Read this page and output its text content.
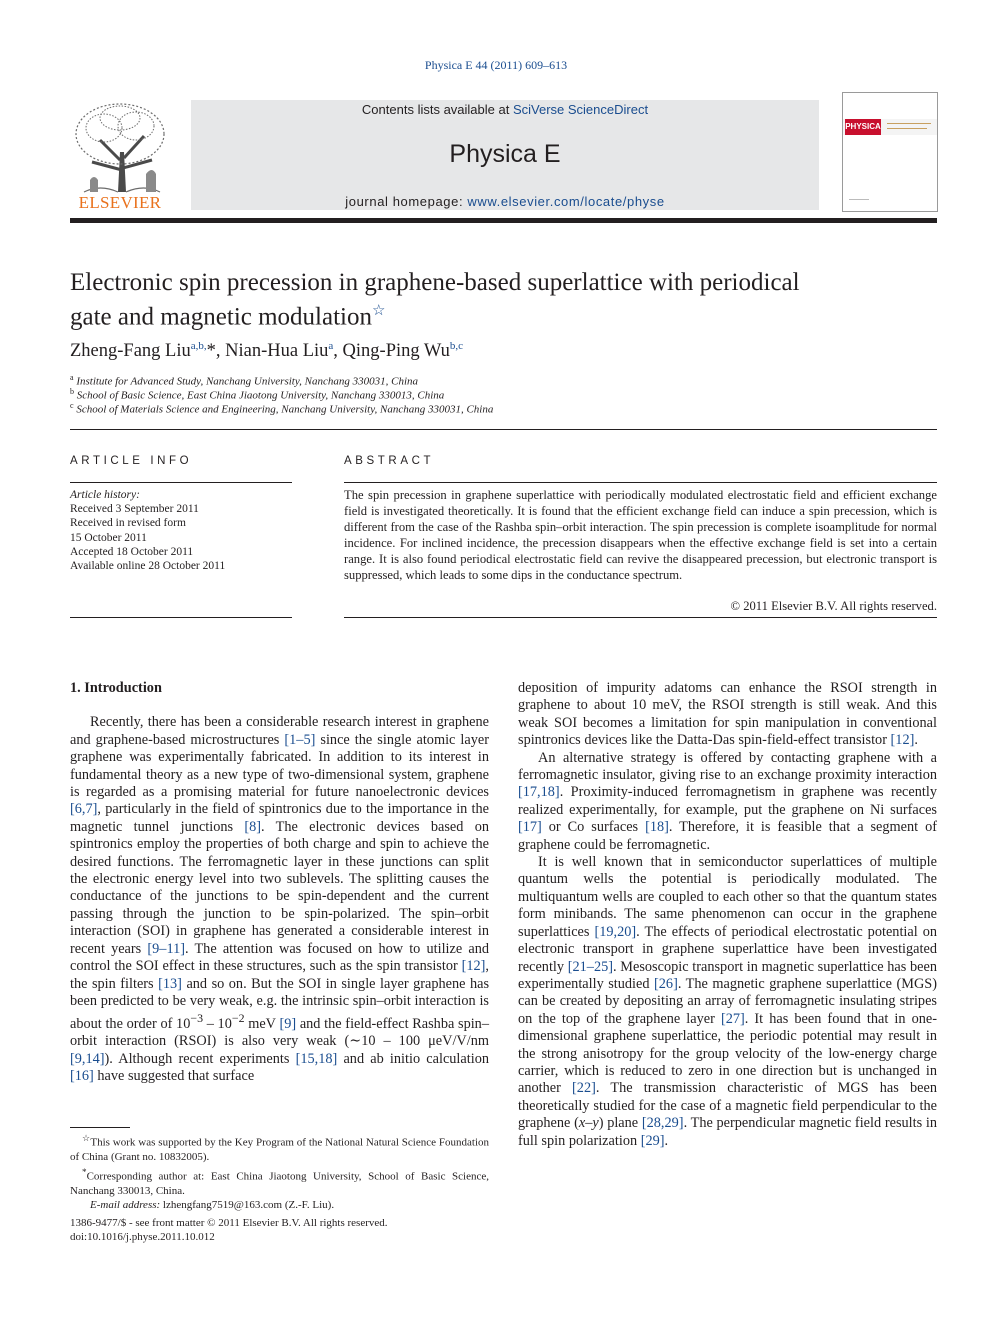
Physica E 44 (2011) 609–613
ELSEVIER
Contents lists available at SciVerse ScienceDirect
Physica E
journal homepage: www.elsevier.com/locate/physe
PHYSICA
Electronic spin precession in graphene-based superlattice with periodical
gate and magnetic modulation☆
Zheng-Fang Liu$^{a,b,}$*, Nian-Hua Liu$^a$, Qing-Ping Wu$^{b,c}$
$^a$ Institute for Advanced Study, Nanchang University, Nanchang 330031, China
$^b$ School of Basic Science, East China Jiaotong University, Nanchang 330013, China
$^c$ School of Materials Science and Engineering, Nanchang University, Nanchang 330031, China
ARTICLE INFO
Article history:
Received 3 September 2011
Received in revised form
15 October 2011
Accepted 18 October 2011
Available online 28 October 2011
ABSTRACT
The spin precession in graphene superlattice with periodically modulated electrostatic field and efficient exchange field is investigated theoretically. It is found that the efficient exchange field can induce a spin precession, which is different from the case of the Rashba spin–orbit interaction. The spin precession is complete isoamplitude for normal incidence. For inclined incidence, the precession disappears when the effective exchange field is set into a certain range. It is also found periodical electrostatic field can revive the disappeared precession, but electronic transport is suppressed, which leads to some dips in the conductance spectrum.
© 2011 Elsevier B.V. All rights reserved.

1. Introduction

Recently, there has been a considerable research interest in graphene and graphene-based microstructures [1–5] since the single atomic layer graphene was experimentally fabricated. In addition to its interest in fundamental theory as a new type of two-dimensional system, graphene is regarded as a promising material for future nanoelectronic devices [6,7], particularly in the field of spintronics due to the importance in the magnetic tunnel junctions [8]. The electronic devices based on spintronics employ the properties of both charge and spin to achieve the desired functions. The ferromagnetic layer in these junctions can split the electronic energy level into two sublevels. The splitting causes the conductance of the junctions to be spin-dependent and the current passing through the junction to be spin-polarized. The spin–orbit interaction (SOI) in graphene has generated a considerable interest in recent years [9–11]. The attention was focused on how to utilize and control the SOI effect in these structures, such as the spin transistor [12], the spin filters [13] and so on. But the SOI in single layer graphene has been predicted to be very weak, e.g. the intrinsic spin–orbit interaction is about the order of $10^{-3} - 10^{-2}$ meV [9] and the field-effect Rashba spin–orbit interaction (RSOI) is also very weak (∼10 – 100 μeV/V/nm [9,14]). Although recent experiments [15,18] and ab initio calculation [16] have suggested that surface

☆This work was supported by the Key Program of the National Natural Science Foundation of China (Grant no. 10832005).
*Corresponding author at: East China Jiaotong University, School of Basic Science, Nanchang 330013, China.
E-mail address: lzhengfang7519@163.com (Z.-F. Liu).
1386-9477/$ - see front matter © 2011 Elsevier B.V. All rights reserved.
doi:10.1016/j.physe.2011.10.012

deposition of impurity adatoms can enhance the RSOI strength in graphene to about 10 meV, the RSOI strength is still weak. And this weak SOI becomes a limitation for spin manipulation in conventional spintronics devices like the Datta-Das spin-field-effect transistor [12].

An alternative strategy is offered by contacting graphene with a ferromagnetic insulator, giving rise to an exchange proximity interaction [17,18]. Proximity-induced ferromagnetism in graphene was recently realized experimentally, for example, put the graphene on Ni surfaces [17] or Co surfaces [18]. Therefore, it is feasible that a segment of graphene could be ferromagnetic.

It is well known that in semiconductor superlattices of multiple quantum wells the potential is periodically modulated. The multiquantum wells are coupled to each other so that the quantum states form minibands. The same phenomenon can occur in the graphene superlattices [19,20]. The effects of periodical electrostatic potential on electronic transport in graphene superlattice have been investigated recently [21–25]. Mesoscopic transport in magnetic superlattice has been experimentally studied [26]. The magnetic graphene superlattice (MGS) can be created by depositing an array of ferromagnetic insulating stripes on the top of the graphene layer [27]. It has been found that in one-dimensional graphene superlattice, the periodic potential may result in the strong anisotropy for the group velocity of the low-energy charge carrier, which is reduced to zero in one direction but is unchanged in another [22]. The transmission characteristic of MGS has been theoretically studied for the case of a magnetic field perpendicular to the graphene (x–y) plane [28,29]. The perpendicular magnetic field results in full spin polarization [29].
